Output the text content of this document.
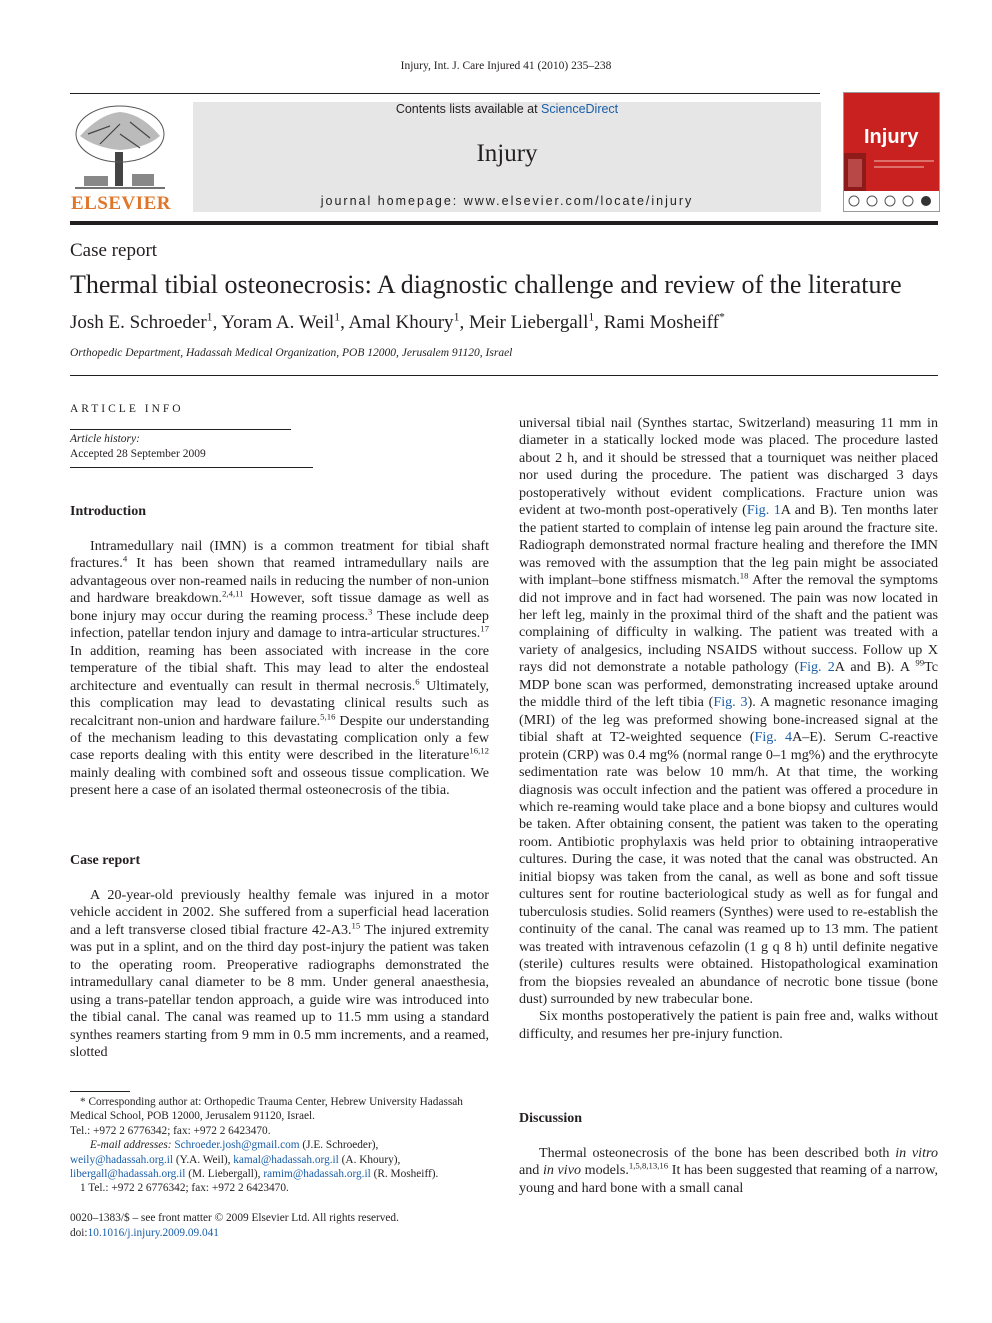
Injury, Int. J. Care Injured 41 (2010) 235–238
ELSEVIER
Contents lists available at ScienceDirect
Injury
journal homepage: www.elsevier.com/locate/injury
Injury
Case report
Thermal tibial osteonecrosis: A diagnostic challenge and review of the literature
Josh E. Schroeder$^1$, Yoram A. Weil$^1$, Amal Khoury$^1$, Meir Liebergall$^1$, Rami Mosheiff*
Orthopedic Department, Hadassah Medical Organization, POB 12000, Jerusalem 91120, Israel
ARTICLE INFO
Article history:
Accepted 28 September 2009
Introduction

Intramedullary nail (IMN) is a common treatment for tibial shaft fractures.$^4$ It has been shown that reamed intramedullary nails are advantageous over non-reamed nails in reducing the number of non-union and hardware breakdown.$^{2,4,11}$ However, soft tissue damage as well as bone injury may occur during the reaming process.$^3$ These include deep infection, patellar tendon injury and damage to intra-articular structures.$^{17}$ In addition, reaming has been associated with increase in the core temperature of the tibial shaft. This may lead to alter the endosteal architecture and eventually can result in thermal necrosis.$^6$ Ultimately, this complication may lead to devastating clinical results such as recalcitrant non-union and hardware failure.$^{5,16}$ Despite our understanding of the mechanism leading to this devastating complication only a few case reports dealing with this entity were described in the literature$^{16,12}$ mainly dealing with combined soft and osseous tissue complication. We present here a case of an isolated thermal osteonecrosis of the tibia.

Case report

A 20-year-old previously healthy female was injured in a motor vehicle accident in 2002. She suffered from a superficial head laceration and a left transverse closed tibial fracture 42-A3.15 The injured extremity was put in a splint, and on the third day post-injury the patient was taken to the operating room. Preoperative radiographs demonstrated the intramedullary canal diameter to be 8 mm. Under general anaesthesia, using a trans-patellar tendon approach, a guide wire was introduced into the tibial canal. The canal was reamed up to 11.5 mm using a standard synthes reamers starting from 9 mm in 0.5 mm increments, and a reamed, slotted

* Corresponding author at: Orthopedic Trauma Center, Hebrew University Hadassah Medical School, POB 12000, Jerusalem 91120, Israel.

Tel.: +972 2 6776342; fax: +972 2 6423470.

E-mail addresses: Schroeder.josh@gmail.com (J.E. Schroeder),
weily@hadassah.org.il (Y.A. Weil), kamal@hadassah.org.il (A. Khoury),
libergall@hadassah.org.il (M. Liebergall), ramim@hadassah.org.il (R. Mosheiff).

1 Tel.: +972 2 6776342; fax: +972 2 6423470.

0020–1383/$ – see front matter © 2009 Elsevier Ltd. All rights reserved.

doi:10.1016/j.injury.2009.09.041

universal tibial nail (Synthes startac, Switzerland) measuring 11 mm in diameter in a statically locked mode was placed. The procedure lasted about 2 h, and it should be stressed that a tourniquet was neither placed nor used during the procedure. The patient was discharged 3 days postoperatively without evident complications. Fracture union was evident at two-month post-operatively (Fig. 1A and B). Ten months later the patient started to complain of intense leg pain around the fracture site. Radiograph demonstrated normal fracture healing and therefore the IMN was removed with the assumption that the leg pain might be associated with implant–bone stiffness mismatch.$^{18}$ After the removal the symptoms did not improve and in fact had worsened. The pain was now located in her left leg, mainly in the proximal third of the shaft and the patient was complaining of difficulty in walking. The patient was treated with a variety of analgesics, including NSAIDS without success. Follow up X rays did not demonstrate a notable pathology (Fig. 2A and B). A $^{99}$Tc MDP bone scan was performed, demonstrating increased uptake around the middle third of the left tibia (Fig. 3). A magnetic resonance imaging (MRI) of the leg was preformed showing bone-increased signal at the tibial shaft at T2-weighted sequence (Fig. 4A–E). Serum C-reactive protein (CRP) was 0.4 mg% (normal range 0–1 mg%) and the erythrocyte sedimentation rate was below 10 mm/h. At that time, the working diagnosis was occult infection and the patient was offered a procedure in which re-reaming would take place and a bone biopsy and cultures would be taken. After obtaining consent, the patient was taken to the operating room. Antibiotic prophylaxis was held prior to obtaining intraoperative cultures. During the case, it was noted that the canal was obstructed. An initial biopsy was taken from the canal, as well as bone and soft tissue cultures sent for routine bacteriological study as well as for fungal and tuberculosis studies. Solid reamers (Synthes) were used to re-establish the continuity of the canal. The canal was reamed up to 13 mm. The patient was treated with intravenous cefazolin (1 g q 8 h) until definite negative (sterile) cultures results were obtained. Histopathological examination from the biopsies revealed an abundance of necrotic bone tissue (bone dust) surrounded by new trabecular bone.

Six months postoperatively the patient is pain free and, walks without difficulty, and resumes her pre-injury function.

Discussion

Thermal osteonecrosis of the bone has been described both in vitro and in vivo models.$^{1,5,8,13,16}$ It has been suggested that reaming of a narrow, young and hard bone with a small canal
